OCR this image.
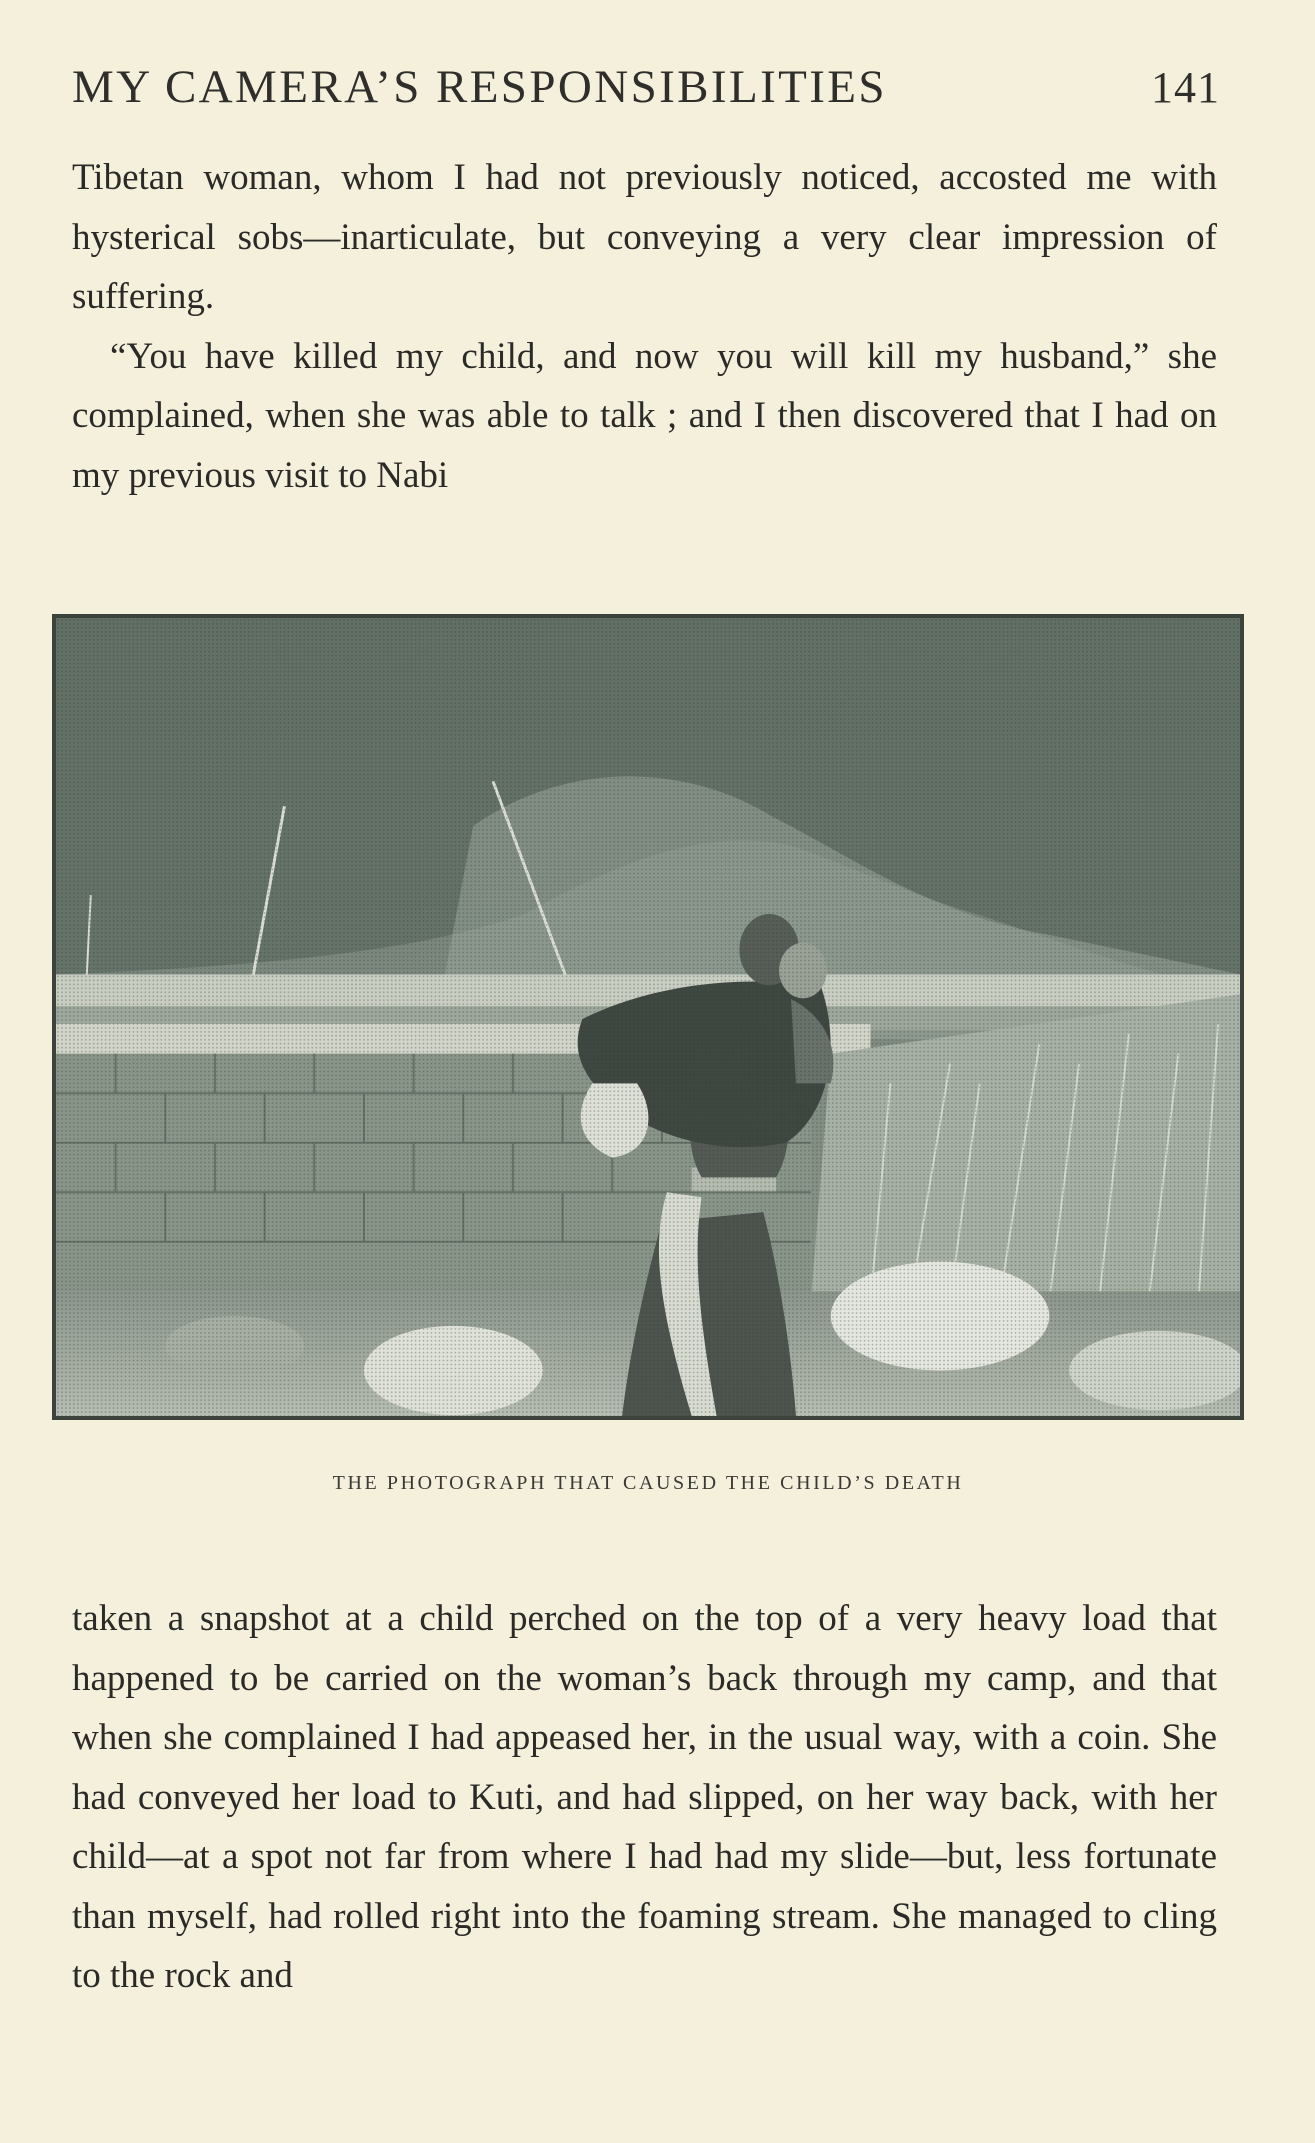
MY CAMERA’S RESPONSIBILITIES	141

Tibetan woman, whom I had not previously noticed, accosted me with hysterical sobs—inarticulate, but conveying a very clear impression of suffering.

“You have killed my child, and now you will kill my husband,” she complained, when she was able to talk ; and I then discovered that I had on my previous visit to Nabi

THE PHOTOGRAPH THAT CAUSED THE CHILD’S DEATH

taken a snapshot at a child perched on the top of a very heavy load that happened to be carried on the woman’s back through my camp, and that when she complained I had appeased her, in the usual way, with a coin. She had conveyed her load to Kuti, and had slipped, on her way back, with her child—at a spot not far from where I had had my slide—but, less fortunate than myself, had rolled right into the foaming stream. She managed to cling to the rock and
